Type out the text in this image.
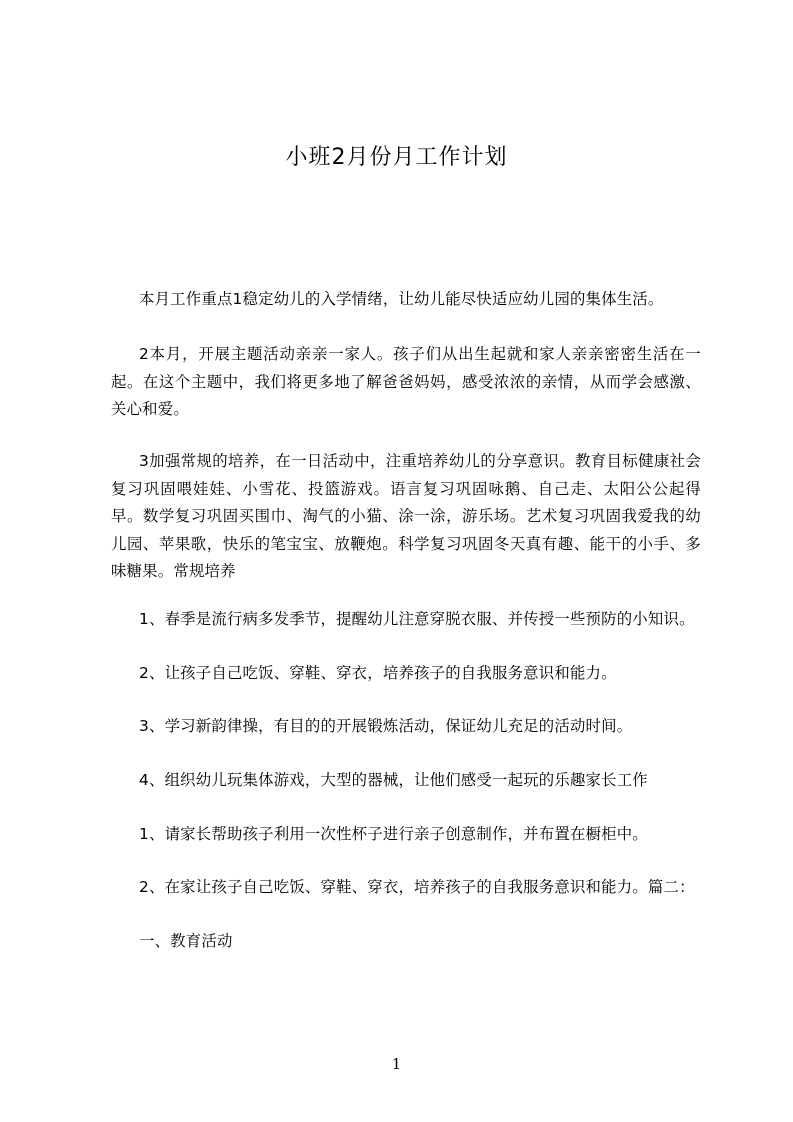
小班2月份月工作计划

本月工作重点1稳定幼儿的入学情绪，让幼儿能尽快适应幼儿园的集体生活。

2本月，开展主题活动亲亲一家人。孩子们从出生起就和家人亲亲密密生活在一起。在这个主题中，我们将更多地了解爸爸妈妈，感受浓浓的亲情，从而学会感激、关心和爱。

3加强常规的培养，在一日活动中，注重培养幼儿的分享意识。教育目标健康社会复习巩固喂娃娃、小雪花、投篮游戏。语言复习巩固咏鹅、自己走、太阳公公起得早。数学复习巩固买围巾、淘气的小猫、涂一涂，游乐场。艺术复习巩固我爱我的幼儿园、苹果歌，快乐的笔宝宝、放鞭炮。科学复习巩固冬天真有趣、能干的小手、多味糖果。常规培养

1、春季是流行病多发季节，提醒幼儿注意穿脱衣服、并传授一些预防的小知识。

2、让孩子自己吃饭、穿鞋、穿衣，培养孩子的自我服务意识和能力。

3、学习新韵律操，有目的的开展锻炼活动，保证幼儿充足的活动时间。

4、组织幼儿玩集体游戏，大型的器械，让他们感受一起玩的乐趣家长工作

1、请家长帮助孩子利用一次性杯子进行亲子创意制作，并布置在橱柜中。

2、在家让孩子自己吃饭、穿鞋、穿衣，培养孩子的自我服务意识和能力。篇二：

一、教育活动

1
